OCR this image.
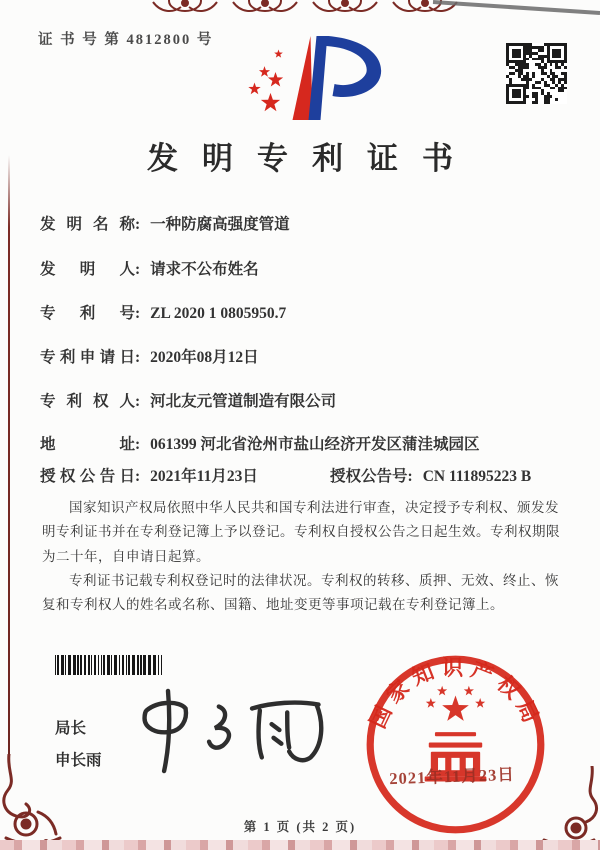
证 书 号 第 4812800 号
发明专利证书
发明名称: 一种防腐高强度管道
发明人: 请求不公布姓名
专利号: ZL 2020 1 0805950.7
专利申请日: 2020年08月12日
专利权人: 河北友元管道制造有限公司
地址: 061399 河北省沧州市盐山经济开发区蒲洼城园区
授权公告日: 2021年11月23日	授权公告号: CN 111895223 B

国家知识产权局依照中华人民共和国专利法进行审查，决定授予专利权、颁发发明专利证书并在专利登记簿上予以登记。专利权自授权公告之日起生效。专利权期限为二十年，自申请日起算。

专利证书记载专利权登记时的法律状况。专利权的转移、质押、无效、终止、恢复和专利权人的姓名或名称、国籍、地址变更等事项记载在专利登记簿上。

局长
申长雨
国家知识产权局
2021年11月23日
第 1 页 (共 2 页)
